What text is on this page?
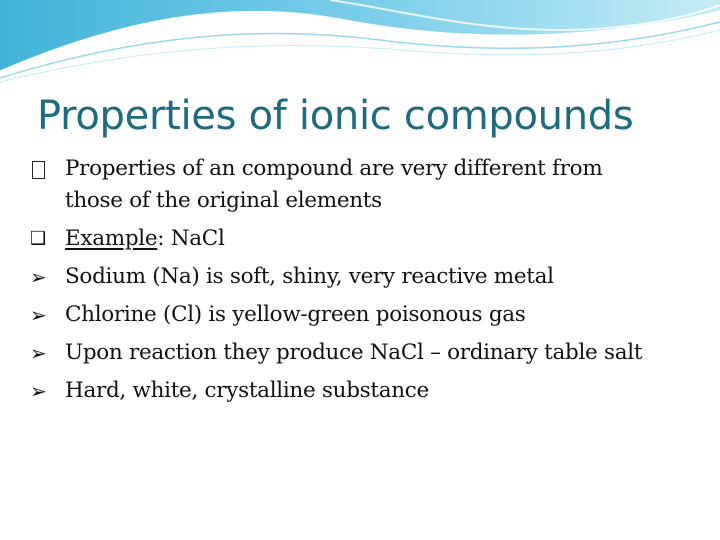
Properties of ionic compounds
Properties of an compound are very different from
those of the original elements
❑ Example: NaCl
➢ Sodium (Na) is soft, shiny, very reactive metal
➢ Chlorine (Cl) is yellow-green poisonous gas
➢ Upon reaction they produce NaCl – ordinary table salt
➢ Hard, white, crystalline substance
